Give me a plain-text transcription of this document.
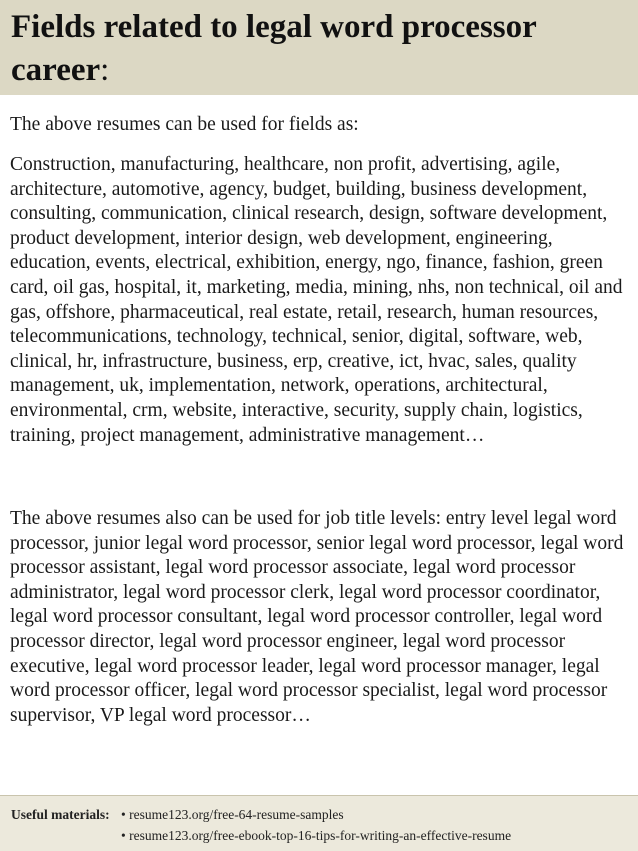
Fields related to legal word processor
career:

The above resumes can be used for fields as:

Construction, manufacturing, healthcare, non profit, advertising, agile, architecture, automotive, agency, budget, building, business development, consulting, communication, clinical research, design, software development, product development, interior design, web development, engineering, education, events, electrical, exhibition, energy, ngo, finance, fashion, green card, oil gas, hospital, it, marketing, media, mining, nhs, non technical, oil and gas, offshore, pharmaceutical, real estate, retail, research, human resources, telecommunications, technology, technical, senior, digital, software, web, clinical, hr, infrastructure, business, erp, creative, ict, hvac, sales, quality management, uk, implementation, network, operations, architectural, environmental, crm, website, interactive, security, supply chain, logistics, training, project management, administrative management…

The above resumes also can be used for job title levels: entry level legal word processor, junior legal word processor, senior legal word processor, legal word processor assistant, legal word processor associate, legal word processor administrator, legal word processor clerk, legal word processor coordinator, legal word processor consultant, legal word processor controller, legal word processor director, legal word processor engineer, legal word processor executive, legal word processor leader, legal word processor manager, legal word processor officer, legal word processor specialist, legal word processor supervisor, VP legal word processor…

Useful materials: • resume123.org/free-64-resume-samples
• resume123.org/free-ebook-top-16-tips-for-writing-an-effective-resume
